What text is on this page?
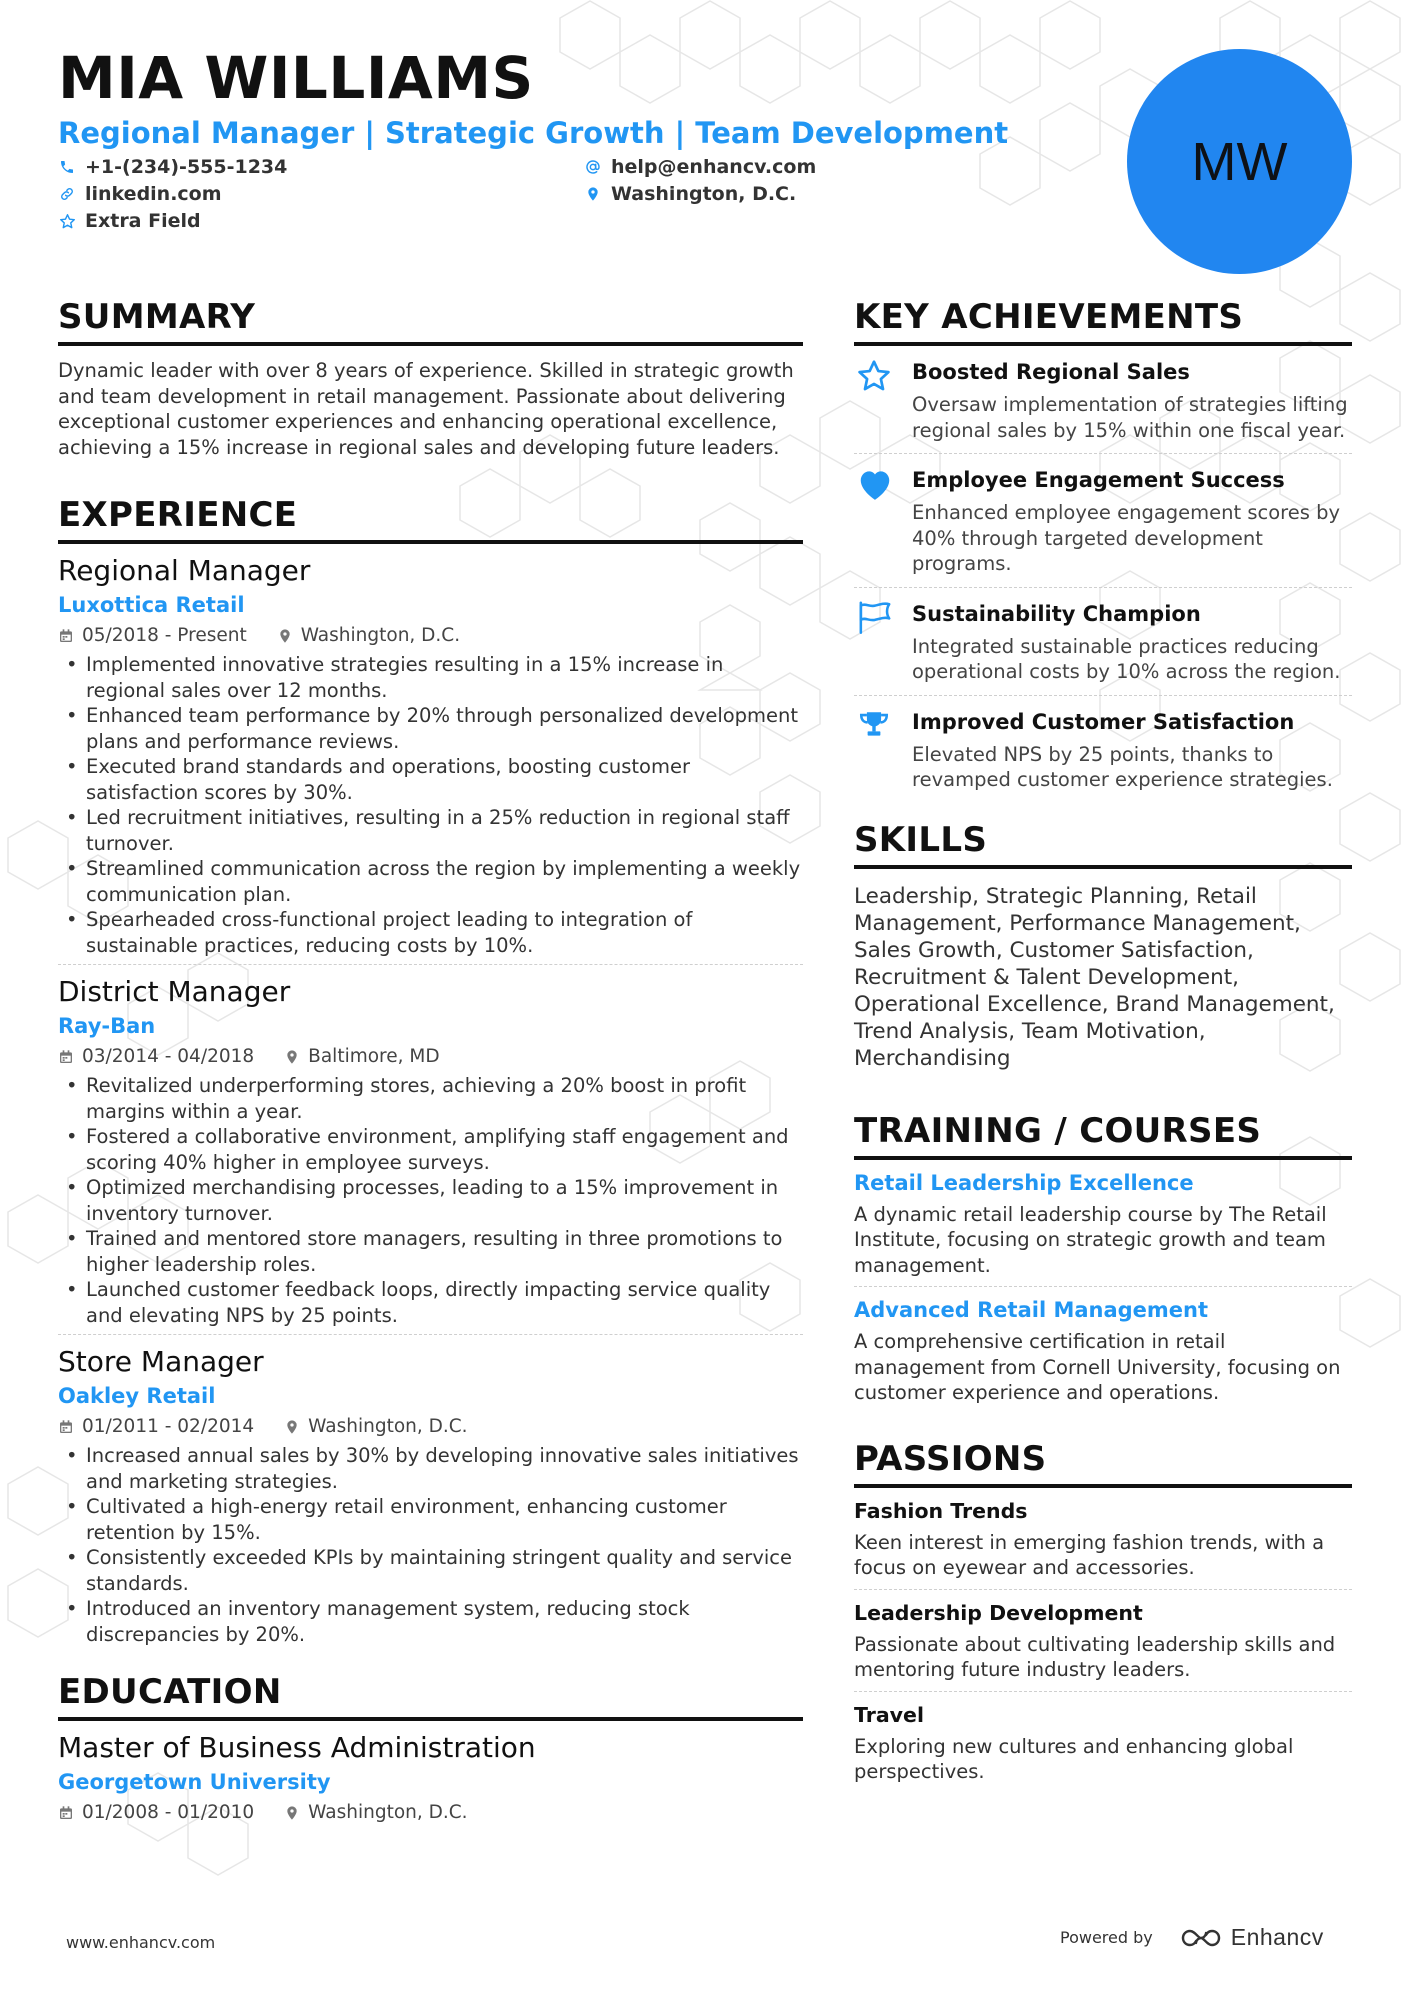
MIA WILLIAMS
Regional Manager | Strategic Growth | Team Development
+1-(234)-555-1234	help@enhancv.com
linkedin.com	Washington, D.C.
Extra Field
MW
SUMMARY
Dynamic leader with over 8 years of experience. Skilled in strategic growth and team development in retail management. Passionate about delivering exceptional customer experiences and enhancing operational excellence, achieving a 15% increase in regional sales and developing future leaders.
EXPERIENCE
Regional Manager
Luxottica Retail
05/2018 - Present	Washington, D.C.
• Implemented innovative strategies resulting in a 15% increase in regional sales over 12 months.
• Enhanced team performance by 20% through personalized development plans and performance reviews.
• Executed brand standards and operations, boosting customer satisfaction scores by 30%.
• Led recruitment initiatives, resulting in a 25% reduction in regional staff turnover.
• Streamlined communication across the region by implementing a weekly communication plan.
• Spearheaded cross-functional project leading to integration of sustainable practices, reducing costs by 10%.
District Manager
Ray-Ban
03/2014 - 04/2018	Baltimore, MD
• Revitalized underperforming stores, achieving a 20% boost in profit margins within a year.
• Fostered a collaborative environment, amplifying staff engagement and scoring 40% higher in employee surveys.
• Optimized merchandising processes, leading to a 15% improvement in inventory turnover.
• Trained and mentored store managers, resulting in three promotions to higher leadership roles.
• Launched customer feedback loops, directly impacting service quality and elevating NPS by 25 points.
Store Manager
Oakley Retail
01/2011 - 02/2014	Washington, D.C.
• Increased annual sales by 30% by developing innovative sales initiatives and marketing strategies.
• Cultivated a high-energy retail environment, enhancing customer retention by 15%.
• Consistently exceeded KPIs by maintaining stringent quality and service standards.
• Introduced an inventory management system, reducing stock discrepancies by 20%.
EDUCATION
Master of Business Administration
Georgetown University
01/2008 - 01/2010	Washington, D.C.
KEY ACHIEVEMENTS
Boosted Regional Sales
Oversaw implementation of strategies lifting regional sales by 15% within one fiscal year.
Employee Engagement Success
Enhanced employee engagement scores by 40% through targeted development programs.
Sustainability Champion
Integrated sustainable practices reducing operational costs by 10% across the region.
Improved Customer Satisfaction
Elevated NPS by 25 points, thanks to revamped customer experience strategies.
SKILLS
Leadership, Strategic Planning, Retail Management, Performance Management, Sales Growth, Customer Satisfaction, Recruitment & Talent Development, Operational Excellence, Brand Management, Trend Analysis, Team Motivation, Merchandising
TRAINING / COURSES
Retail Leadership Excellence
A dynamic retail leadership course by The Retail Institute, focusing on strategic growth and team management.
Advanced Retail Management
A comprehensive certification in retail management from Cornell University, focusing on customer experience and operations.
PASSIONS
Fashion Trends
Keen interest in emerging fashion trends, with a focus on eyewear and accessories.
Leadership Development
Passionate about cultivating leadership skills and mentoring future industry leaders.
Travel
Exploring new cultures and enhancing global perspectives.
www.enhancv.com	Powered by	Enhancv
